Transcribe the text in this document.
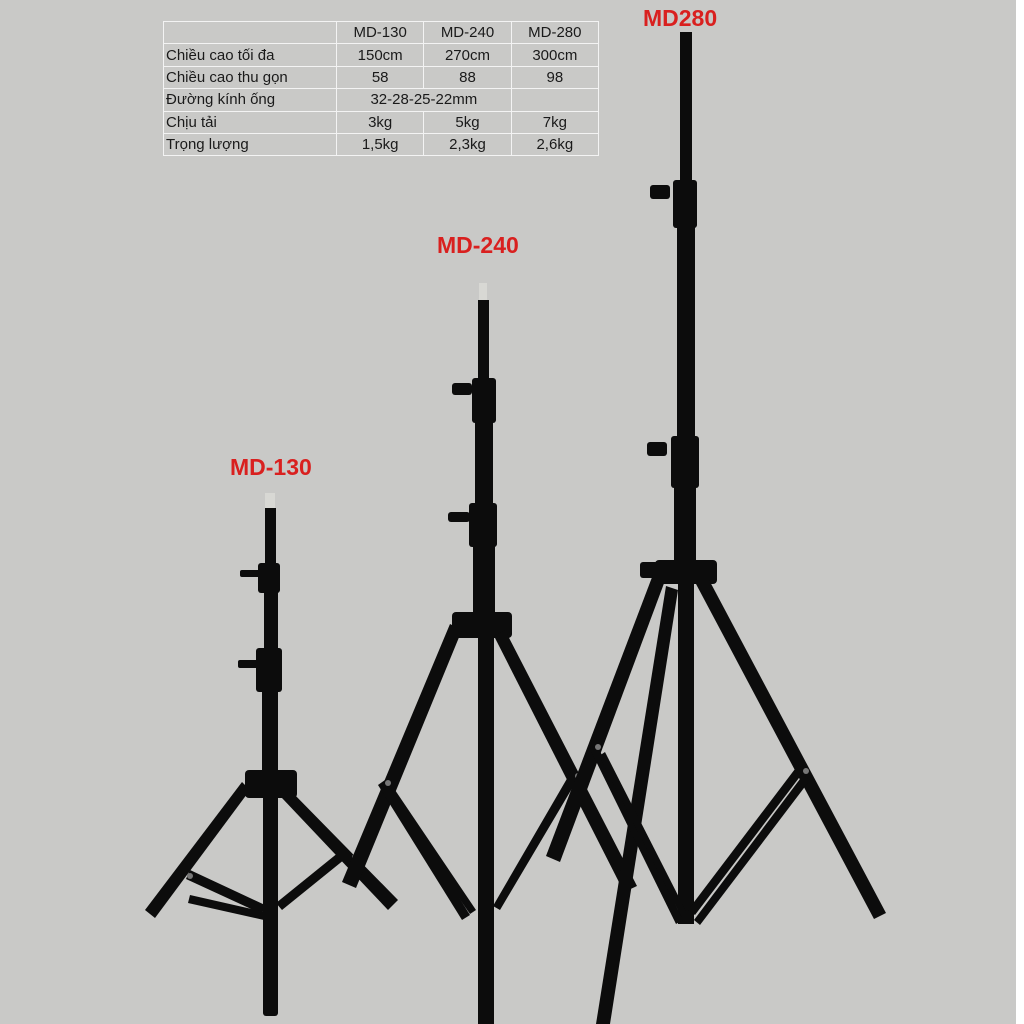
	MD-130	MD-240	MD-280
Chiều cao tối đa	150cm	270cm	300cm
Chiều cao thu gọn	58	88	98
Đường kính ống	32-28-25-22mm		
Chịu tải	3kg	5kg	7kg
Trọng lượng	1,5kg	2,3kg	2,6kg

MD-130

MD-240

MD280
